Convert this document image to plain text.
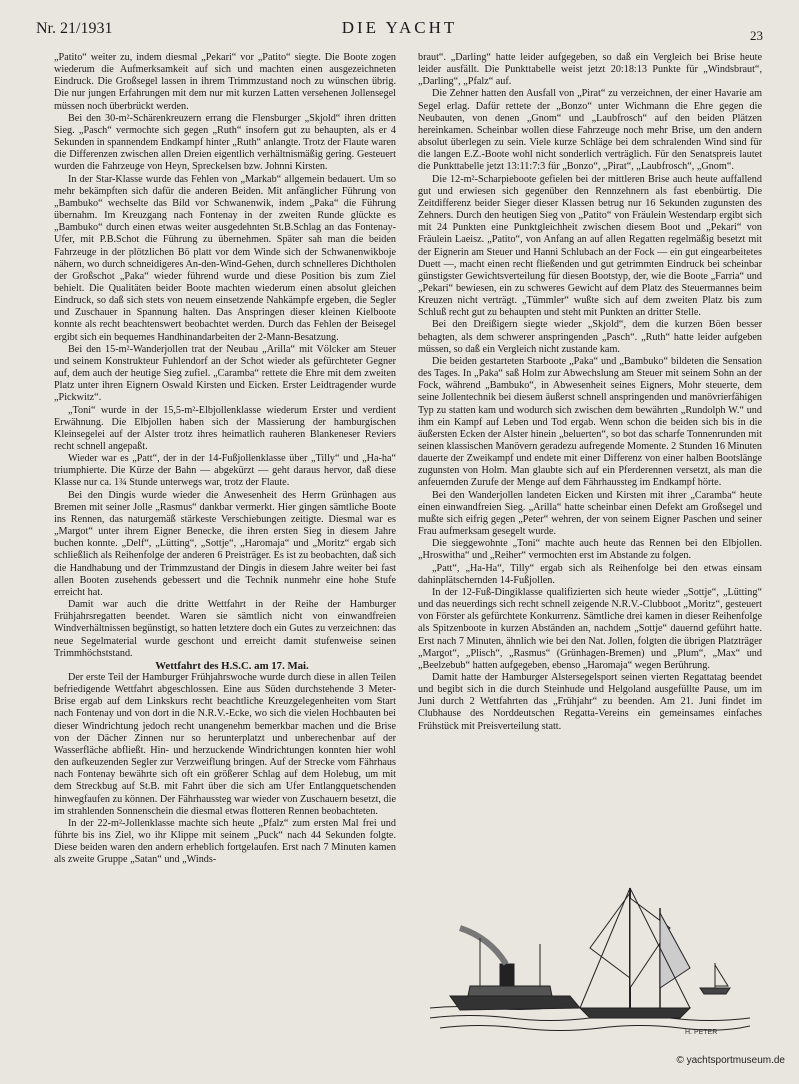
Nr. 21/1931	DIE YACHT	23

„Patito“ weiter zu, indem diesmal „Pekari“ vor „Patito“ siegte. Die Boote zogen wiederum die Aufmerksamkeit auf sich und machten einen ausgezeichneten Eindruck. Die Großsegel lassen in ihrem Trimmzustand noch zu wünschen übrig. Die nur jungen Erfahrungen mit dem nur mit kurzen Latten versehenen Jollensegel müssen noch überbrückt werden.

Bei den 30-m²-Schärenkreuzern errang die Flensburger „Skjold“ ihren dritten Sieg. „Pasch“ vermochte sich gegen „Ruth“ insofern gut zu behaupten, als er 4 Sekunden in spannendem Endkampf hinter „Ruth“ anlangte. Trotz der Flaute waren die Differenzen zwischen allen Dreien eigentlich verhältnismäßig gering. Gesteuert wurden die Fahrzeuge von Heyn, Spreckelsen bzw. Johnni Kirsten.

In der Star-Klasse wurde das Fehlen von „Markab“ allgemein bedauert. Um so mehr bekämpften sich dafür die anderen Beiden. Mit anfänglicher Führung von „Bambuko“ wechselte das Bild vor Schwanenwik, indem „Paka“ die Führung übernahm. Im Kreuzgang nach Fontenay in der zweiten Runde glückte es „Bambuko“ durch einen etwas weiter ausgedehnten St.B.Schlag an das Fontenay-Ufer, mit P.B.Schot die Führung zu übernehmen. Später sah man die beiden Fahrzeuge in der plötzlichen Bö platt vor dem Winde sich der Schwanenwikboje nähern, wo durch schneidigeres An-den-Wind-Gehen, durch schnelleres Dichtholen der Großschot „Paka“ wieder führend wurde und diese Position bis zum Ziel behielt. Die Qualitäten beider Boote machten wiederum einen absolut gleichen Eindruck, so daß sich stets von neuem einsetzende Nahkämpfe ergeben, die Segler und Zuschauer in Spannung halten. Das Anspringen dieser kleinen Kielboote konnte als recht beachtenswert beobachtet werden. Durch das Fehlen der Beisegel ergibt sich ein bequemes Handhinandarbeiten der 2-Mann-Besatzung.

Bei den 15-m²-Wanderjollen trat der Neubau „Arilla“ mit Völcker am Steuer und seinem Konstrukteur Fuhlendorf an der Schot wieder als gefürchteter Gegner auf, dem auch der heutige Sieg zufiel. „Caramba“ rettete die Ehre mit dem zweiten Platz unter ihren Eignern Oswald Kirsten und Eicken. Erster Leidtragender wurde „Pickwitz“.

„Toni“ wurde in der 15,5-m²-Elbjollenklasse wiederum Erster und verdient Erwähnung. Die Elbjollen haben sich der Massierung der hamburgischen Kleinsegelei auf der Alster trotz ihres heimatlich rauheren Blankeneser Reviers recht schnell angepaßt.

Wieder war es „Patt“, der in der 14-Fußjollenklasse über „Tilly“ und „Ha-ha“ triumphierte. Die Kürze der Bahn — abgekürzt — geht daraus hervor, daß diese Klasse nur ca. 1¾ Stunde unterwegs war, trotz der Flaute.

Bei den Dingis wurde wieder die Anwesenheit des Herrn Grünhagen aus Bremen mit seiner Jolle „Rasmus“ dankbar vermerkt. Hier gingen sämtliche Boote ins Rennen, das naturgemäß stärkeste Verschiebungen zeitigte. Diesmal war es „Margot“ unter ihrem Eigner Benecke, die ihren ersten Sieg in diesem Jahre buchen konnte. „Delf“, „Lütting“, „Sottje“, „Haromaja“ und „Moritz“ ergab sich schließlich als Reihenfolge der anderen 6 Preisträger. Es ist zu beobachten, daß sich die Handhabung und der Trimmzustand der Dingis in diesem Jahre weiter bei fast allen Booten zusehends gebessert und die Technik nunmehr eine hohe Stufe erreicht hat.

Damit war auch die dritte Wettfahrt in der Reihe der Hamburger Frühjahrsregatten beendet. Waren sie sämtlich nicht von einwandfreien Windverhältnissen begünstigt, so hatten letztere doch ein Gutes zu verzeichnen: das neue Segelmaterial wurde geschont und erreicht damit stufenweise seinen Trimmhöchststand.

Wettfahrt des H.S.C. am 17. Mai.

Der erste Teil der Hamburger Frühjahrswoche wurde durch diese in allen Teilen befriedigende Wettfahrt abgeschlossen. Eine aus Süden durchstehende 3 Meter-Brise ergab auf dem Linkskurs recht beachtliche Kreuzgelegenheiten vom Start nach Fontenay und von dort in die N.R.V.-Ecke, wo sich die vielen Hochbauten bei dieser Windrichtung jedoch recht unangenehm bemerkbar machen und die Brise von der Dächer Zinnen nur so herunterplatzt und unberechenbar auf der Wasserfläche abfließt. Hin- und herzuckende Windrichtungen konnten hier wohl den aufkeuzenden Segler zur Verzweiflung bringen. Auf der Strecke vom Fährhaus nach Fontenay bewährte sich oft ein größerer Schlag auf dem Holebug, um mit dem Streckbug auf St.B. mit Fahrt über die sich am Ufer Entlangquetschenden hinwegfaufen zu können. Der Fährhaussteg war wieder von Zuschauern besetzt, die im strahlenden Sonnenschein die diesmal etwas flotteren Rennen beobachteten.

In der 22-m²-Jollenklasse machte sich heute „Pfalz“ zum ersten Mal frei und führte bis ins Ziel, wo ihr Klippe mit seinem „Puck“ nach 44 Sekunden folgte. Diese beiden waren den andern erheblich fortgelaufen. Erst nach 7 Minuten kamen als zweite Gruppe „Satan“ und „Winds-

braut“. „Darling“ hatte leider aufgegeben, so daß ein Vergleich bei Brise heute leider ausfällt. Die Punkttabelle weist jetzt 20:18:13 Punkte für „Windsbraut“, „Darling“, „Pfalz“ auf.

Die Zehner hatten den Ausfall von „Pirat“ zu verzeichnen, der einer Havarie am Segel erlag. Dafür rettete der „Bonzo“ unter Wichmann die Ehre gegen die Neubauten, von denen „Gnom“ und „Laubfrosch“ auf den beiden Plätzen hereinkamen. Scheinbar wollen diese Fahrzeuge noch mehr Brise, um den andern absolut überlegen zu sein. Viele kurze Schläge bei dem schralenden Wind sind für die langen E.Z.-Boote wohl nicht sonderlich verträglich. Für den Senatspreis lautet die Punkttabelle jetzt 13:11:7:3 für „Bonzo“, „Pirat“, „Laubfrosch“, „Gnom“.

Die 12-m²-Scharpieboote gefielen bei der mittleren Brise auch heute auffallend gut und erwiesen sich gegenüber den Rennzehnern als fast ebenbürtig. Die Zeitdifferenz beider Sieger dieser Klassen betrug nur 16 Sekunden zugunsten des Zehners. Durch den heutigen Sieg von „Patito“ von Fräulein Westendarp ergibt sich mit 24 Punkten eine Punktgleichheit zwischen diesem Boot und „Pekari“ von Fräulein Laeisz. „Patito“, von Anfang an auf allen Regatten regelmäßig besetzt mit der Eignerin am Steuer und Hanni Schlubach an der Fock — ein gut eingearbeitetes Duett —, macht einen recht fließenden und gut getrimmten Eindruck bei scheinbar günstigster Gewichtsverteilung für diesen Bootstyp, der, wie die Boote „Farria“ und „Pekari“ bewiesen, ein zu schweres Gewicht auf dem Platz des Steuermannes beim Kreuzen nicht verträgt. „Tümmler“ wußte sich auf dem zweiten Platz bis zum Schluß recht gut zu behaupten und steht mit Punkten an dritter Stelle.

Bei den Dreißigern siegte wieder „Skjold“, dem die kurzen Böen besser behagten, als dem schwerer anspringenden „Pasch“. „Ruth“ hatte leider aufgeben müssen, so daß ein Vergleich nicht zustande kam.

Die beiden gestarteten Starboote „Paka“ und „Bambuko“ bildeten die Sensation des Tages. In „Paka“ saß Holm zur Abwechslung am Steuer mit seinem Sohn an der Fock, während „Bambuko“, in Abwesenheit seines Eigners, Mohr steuerte, dem seine Jollentechnik bei diesem äußerst schnell anspringenden und manövrierfähigen Typ zu statten kam und wodurch sich zwischen dem bewährten „Rundolph W.“ und ihm ein Kampf auf Leben und Tod ergab. Wenn schon die beiden sich bis in die äußersten Ecken der Alster hinein „beluerten“, so bot das scharfe Tonnenrunden mit seinen klassischen Manövern geradezu aufregende Momente. 2 Stunden 16 Minuten dauerte der Zweikampf und endete mit einer Differenz von einer halben Bootslänge zugunsten von Holm. Man glaubte sich auf ein Pferderennen versetzt, als man die anfeuernden Zurufe der Menge auf dem Fährhaussteg im Endkampf hörte.

Bei den Wanderjollen landeten Eicken und Kirsten mit ihrer „Caramba“ heute einen einwandfreien Sieg. „Arilla“ hatte scheinbar einen Defekt am Großsegel und mußte sich eifrig gegen „Peter“ wehren, der von seinem Eigner Paschen und seiner Frau aufmerksam gesegelt wurde.

Die sieggewohnte „Toni“ machte auch heute das Rennen bei den Elbjollen. „Hroswitha“ und „Reiher“ vermochten erst im Abstande zu folgen.

„Patt“, „Ha-Ha“, Tilly“ ergab sich als Reihenfolge bei den etwas einsam dahinplätschernden 14-Fußjollen.

In der 12-Fuß-Dingiklasse qualifizierten sich heute wieder „Sottje“, „Lütting“ und das neuerdings sich recht schnell zeigende N.R.V.-Clubboot „Moritz“, gesteuert von Förster als gefürchtete Konkurrenz. Sämtliche drei kamen in dieser Reihenfolge als Spitzenboote in kurzen Abständen an, nachdem „Sottje“ dauernd geführt hatte. Erst nach 7 Minuten, ähnlich wie bei den Nat. Jollen, folgten die übrigen Platzträger „Margot“, „Plisch“, „Rasmus“ (Grünhagen-Bremen) und „Plum“, „Max“ und „Beelzebub“ hatten aufgegeben, ebenso „Haromaja“ wegen Berührung.

Damit hatte der Hamburger Alstersegelsport seinen vierten Regattatag beendet und begibt sich in die durch Steinhude und Helgoland ausgefüllte Pause, um im Juni durch 2 Wettfahrten das „Frühjahr“ zu beenden. Am 21. Juni findet im Clubhause des Norddeutschen Regatta-Vereins ein gemeinsames einfaches Frühstück mit Preisverteilung statt.

H. PETER
© yachtsportmuseum.de
